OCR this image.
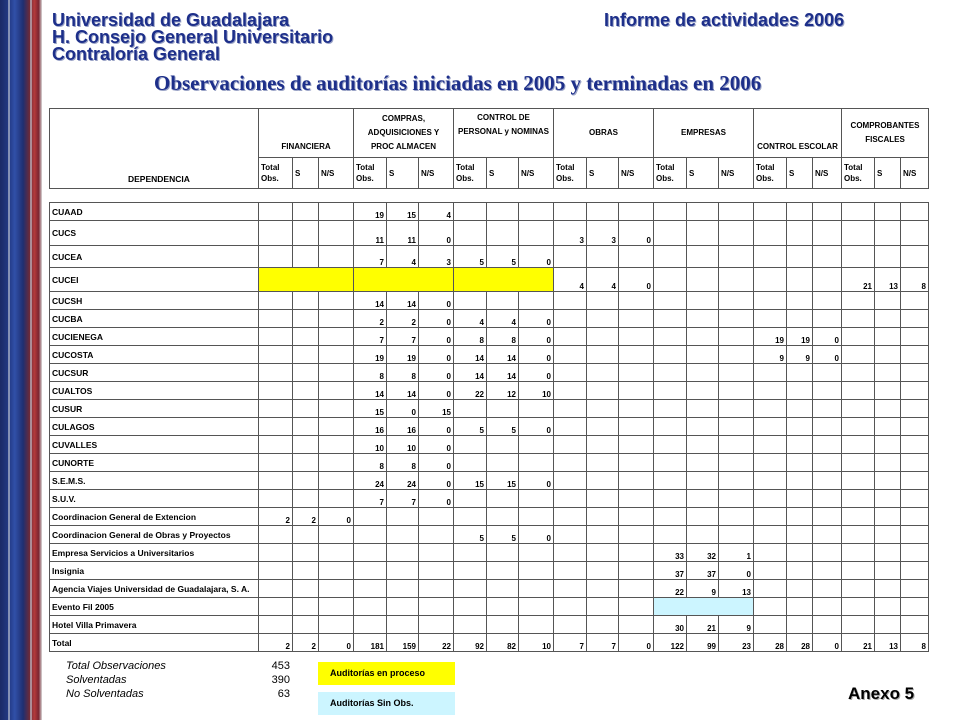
Universidad de Guadalajara
H. Consejo General Universitario
Contraloría General
Informe de actividades 2006
Observaciones de auditorías iniciadas en 2005 y terminadas en 2006
DEPENDENCIA	FINANCIERA			COMPRAS, ADQUISICIONES Y PROC ALMACEN			CONTROL DE PERSONAL y NOMINAS			OBRAS			EMPRESAS			CONTROL ESCOLAR			COMPROBANTES FISCALES		
	Total Obs.	S	N/S	Total Obs.	S	N/S	Total Obs.	S	N/S	Total Obs.	S	N/S	Total Obs.	S	N/S	Total Obs.	S	N/S	Total Obs.	S	N/S

CUAAD				19	15	4															
CUCS				11	11	0				3	3	0									
CUCEA				7	4	3	5	5	0												
CUCEI										4	4	0							21	13	8
CUCSH				14	14	0															
CUCBA				2	2	0	4	4	0												
CUCIENEGA				7	7	0	8	8	0							19	19	0			
CUCOSTA				19	19	0	14	14	0							9	9	0			
CUCSUR				8	8	0	14	14	0												
CUALTOS				14	14	0	22	12	10												
CUSUR				15	0	15															
CULAGOS				16	16	0	5	5	0												
CUVALLES				10	10	0															
CUNORTE				8	8	0															
S.E.M.S.				24	24	0	15	15	0												
S.U.V.				7	7	0															
Coordinacion General de Extencion	2	2	0																		
Coordinacion General de Obras y Proyectos							5	5	0												
Empresa Servicios a Universitarios													33	32	1						
Insignia													37	37	0						
Agencia Viajes Universidad de Guadalajara, S. A.													22	9	13						
Evento Fil 2005																					
Hotel Villa Primavera													30	21	9						
Total	2	2	0	181	159	22	92	82	10	7	7	0	122	99	23	28	28	0	21	13	8
Total Observaciones	453
Solventadas	390
No Solventadas	63
Auditorías en proceso
Auditorías Sin Obs.	Anexo 5
